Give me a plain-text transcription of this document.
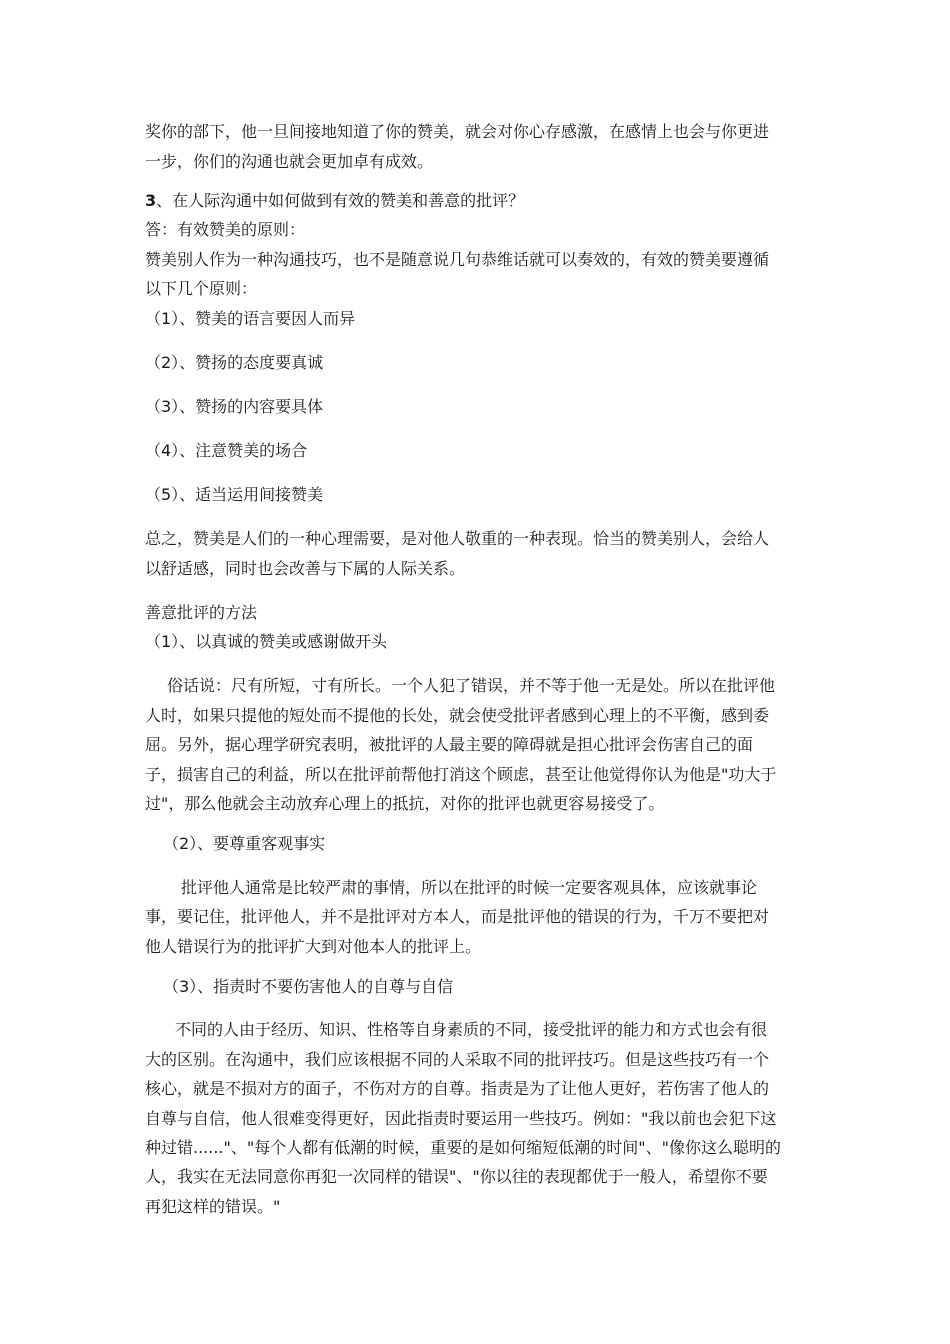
奖你的部下，他一旦间接地知道了你的赞美，就会对你心存感激，在感情上也会与你更进
一步，你们的沟通也就会更加卓有成效。
3、在人际沟通中如何做到有效的赞美和善意的批评？
答：有效赞美的原则：
赞美别人作为一种沟通技巧，也不是随意说几句恭维话就可以奏效的，有效的赞美要遵循
以下几个原则：
（1）、赞美的语言要因人而异
（2）、赞扬的态度要真诚
（3）、赞扬的内容要具体
（4）、注意赞美的场合
（5）、适当运用间接赞美
总之，赞美是人们的一种心理需要，是对他人敬重的一种表现。恰当的赞美别人，会给人
以舒适感，同时也会改善与下属的人际关系。
善意批评的方法
（1）、以真诚的赞美或感谢做开头
俗话说：尺有所短，寸有所长。一个人犯了错误，并不等于他一无是处。所以在批评他
人时，如果只提他的短处而不提他的长处，就会使受批评者感到心理上的不平衡，感到委
屈。另外，据心理学研究表明，被批评的人最主要的障碍就是担心批评会伤害自己的面
子，损害自己的利益，所以在批评前帮他打消这个顾虑，甚至让他觉得你认为他是"功大于
过"，那么他就会主动放弃心理上的抵抗，对你的批评也就更容易接受了。
（2）、要尊重客观事实
批评他人通常是比较严肃的事情，所以在批评的时候一定要客观具体，应该就事论
事，要记住，批评他人，并不是批评对方本人，而是批评他的错误的行为，千万不要把对
他人错误行为的批评扩大到对他本人的批评上。
（3）、指责时不要伤害他人的自尊与自信
不同的人由于经历、知识、性格等自身素质的不同，接受批评的能力和方式也会有很
大的区别。在沟通中，我们应该根据不同的人采取不同的批评技巧。但是这些技巧有一个
核心，就是不损对方的面子，不伤对方的自尊。指责是为了让他人更好，若伤害了他人的
自尊与自信，他人很难变得更好，因此指责时要运用一些技巧。例如："我以前也会犯下这
种过错......"、"每个人都有低潮的时候，重要的是如何缩短低潮的时间"、"像你这么聪明的
人，我实在无法同意你再犯一次同样的错误"、"你以往的表现都优于一般人，希望你不要
再犯这样的错误。"
